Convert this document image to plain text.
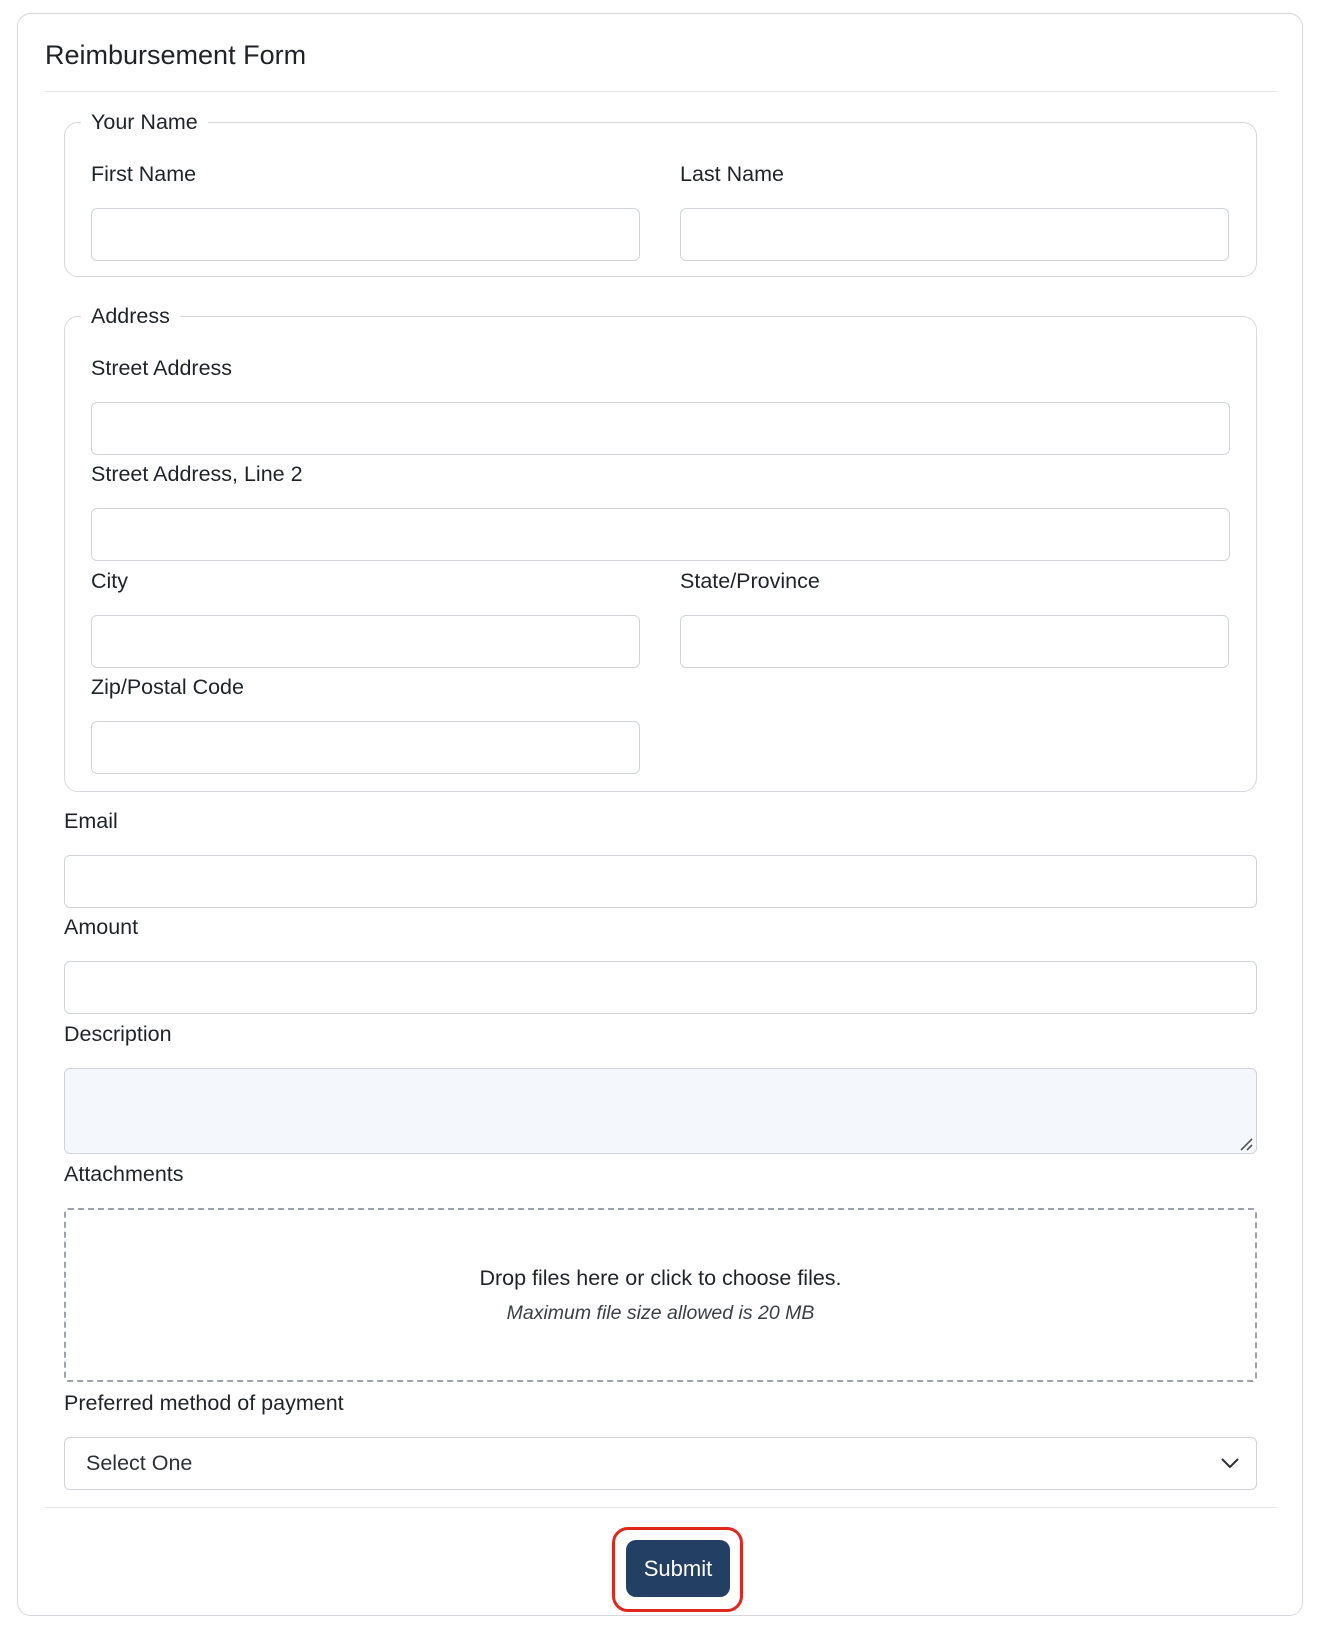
Reimbursement Form
Your Name
First Name	Last Name
Address
Street Address
Street Address, Line 2
City	State/Province
Zip/Postal Code
Email
Amount
Description
Attachments
Drop files here or click to choose files.
Maximum file size allowed is 20 MB
Preferred method of payment
Select One
Submit
